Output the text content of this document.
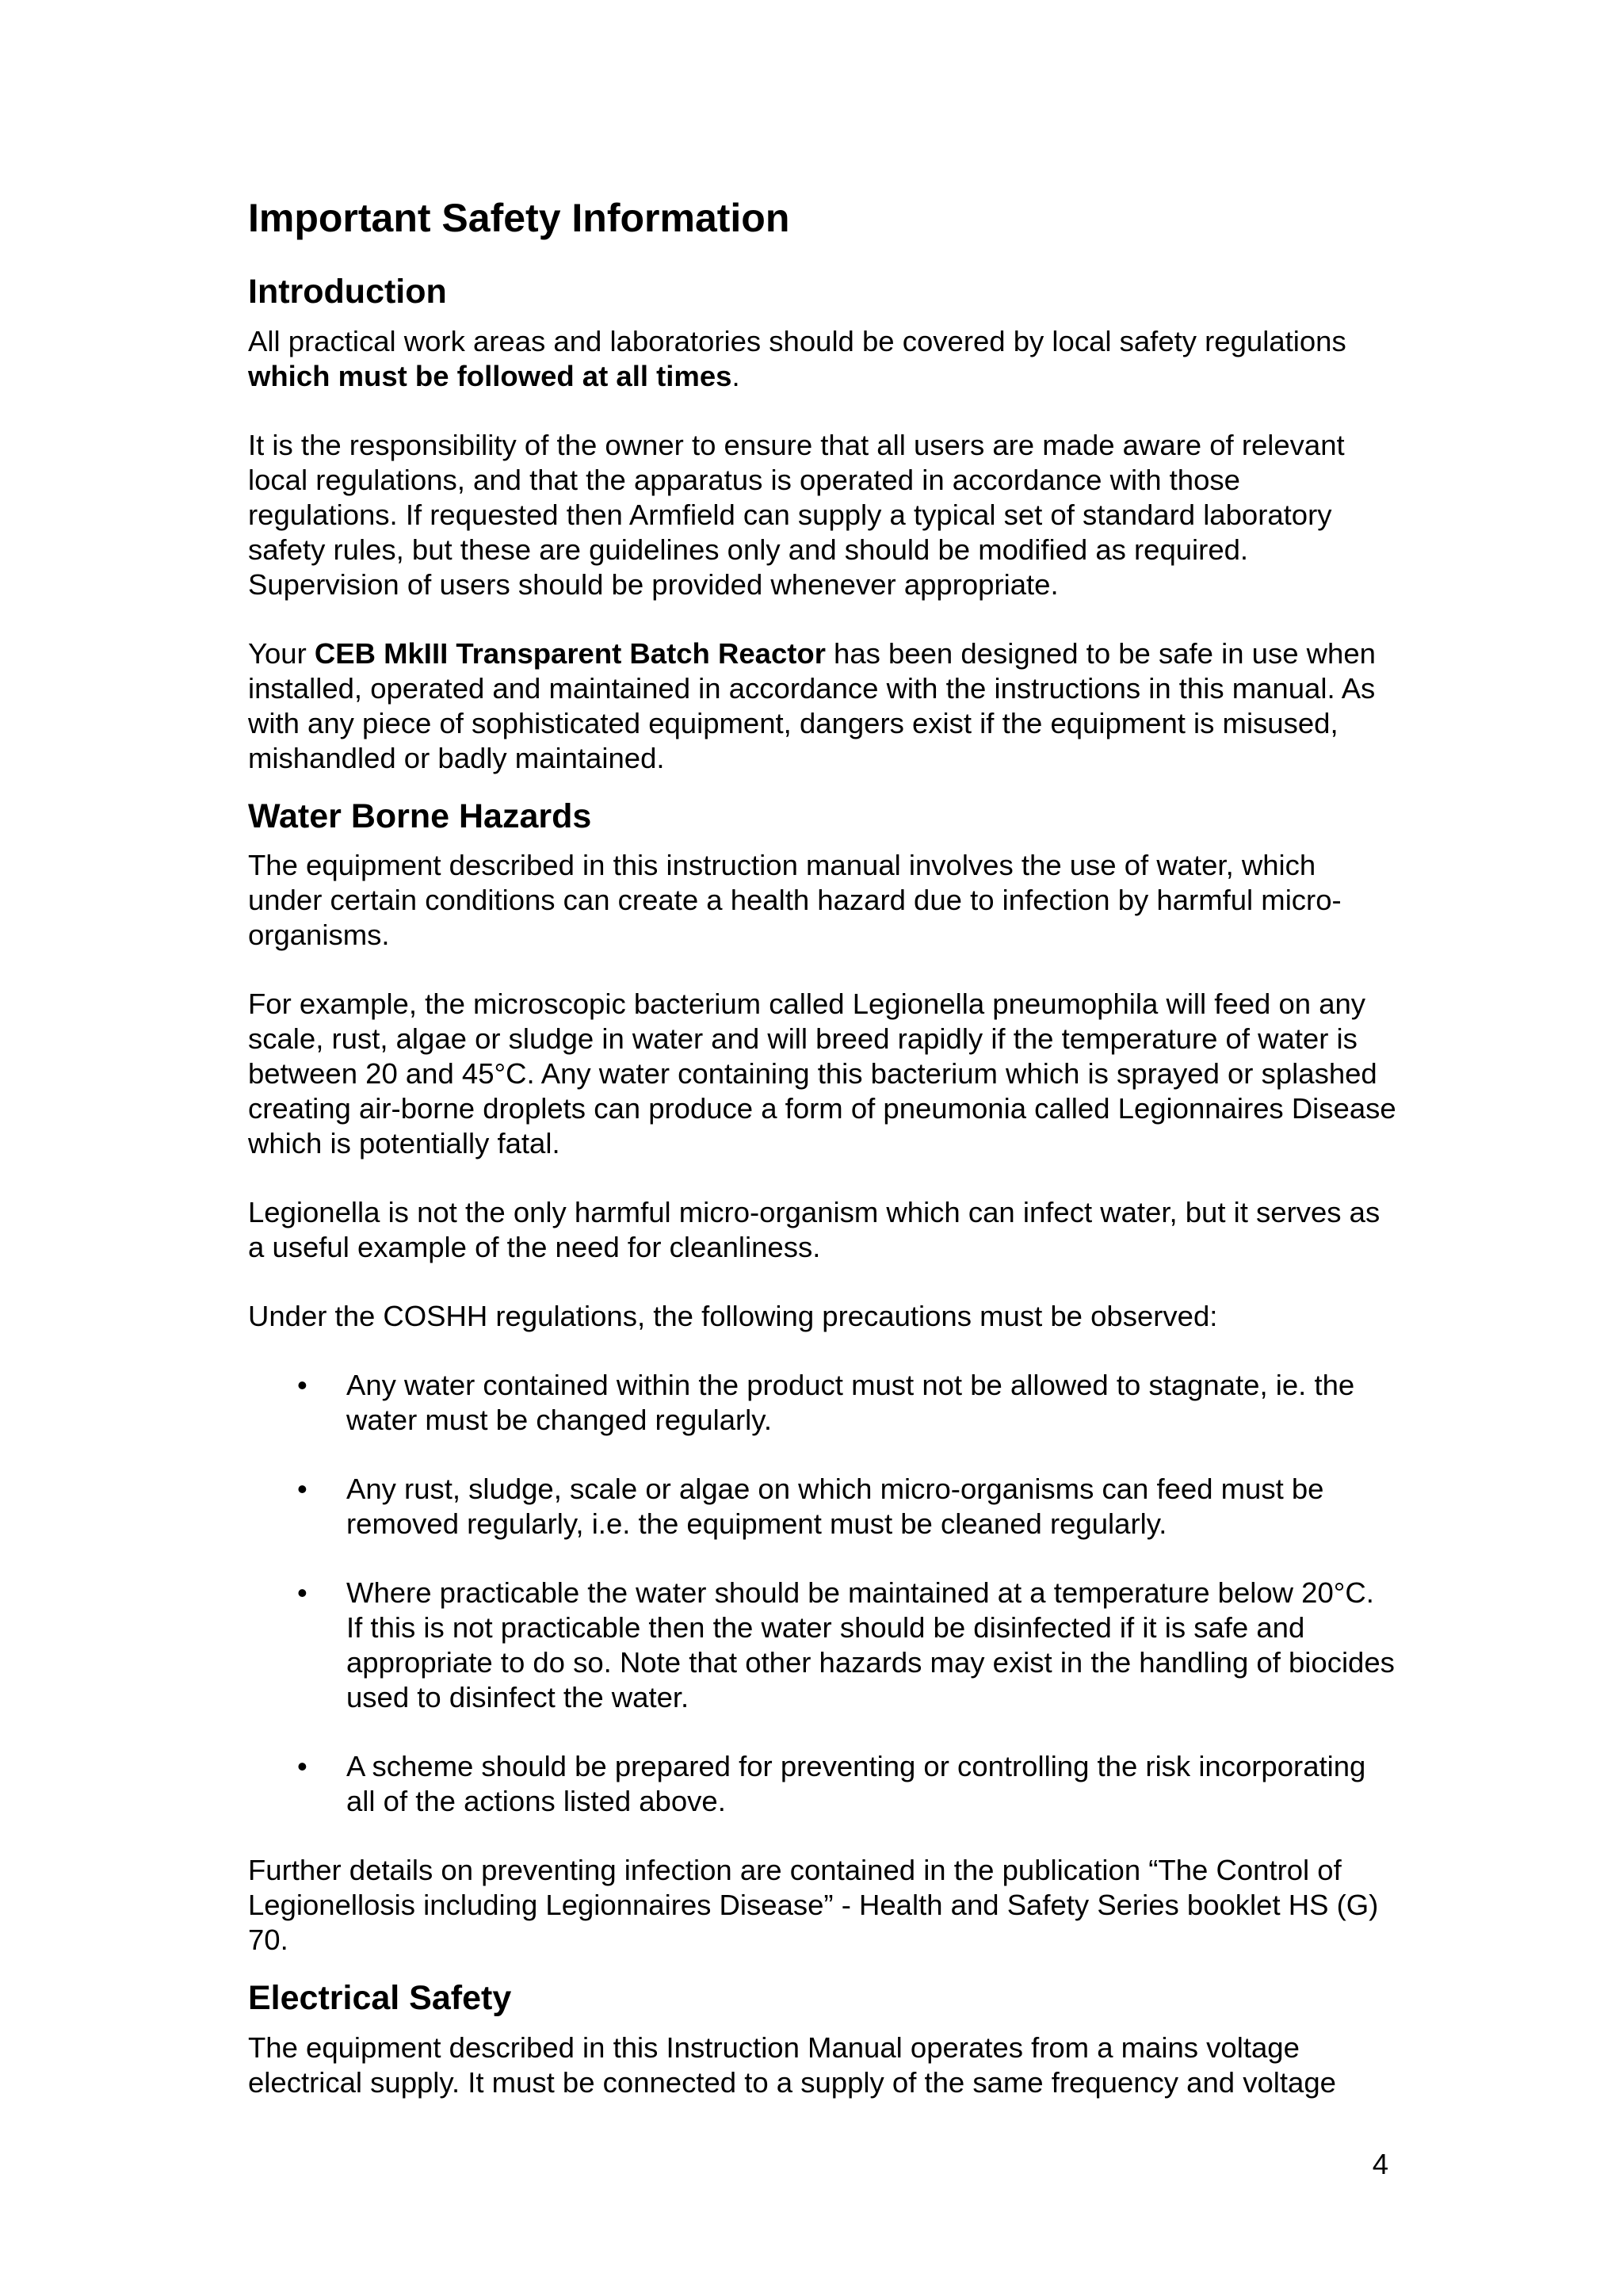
Important Safety Information
Introduction

All practical work areas and laboratories should be covered by local safety regulations which must be followed at all times.

It is the responsibility of the owner to ensure that all users are made aware of relevant local regulations, and that the apparatus is operated in accordance with those regulations. If requested then Armfield can supply a typical set of standard laboratory safety rules, but these are guidelines only and should be modified as required. Supervision of users should be provided whenever appropriate.

Your CEB MkIII Transparent Batch Reactor has been designed to be safe in use when installed, operated and maintained in accordance with the instructions in this manual. As with any piece of sophisticated equipment, dangers exist if the equipment is misused, mishandled or badly maintained.

Water Borne Hazards

The equipment described in this instruction manual involves the use of water, which under certain conditions can create a health hazard due to infection by harmful micro-organisms.

For example, the microscopic bacterium called Legionella pneumophila will feed on any scale, rust, algae or sludge in water and will breed rapidly if the temperature of water is between 20 and 45°C. Any water containing this bacterium which is sprayed or splashed creating air-borne droplets can produce a form of pneumonia called Legionnaires Disease which is potentially fatal.

Legionella is not the only harmful micro-organism which can infect water, but it serves as a useful example of the need for cleanliness.

Under the COSHH regulations, the following precautions must be observed:

• Any water contained within the product must not be allowed to stagnate, ie. the water must be changed regularly.
• Any rust, sludge, scale or algae on which micro-organisms can feed must be removed regularly, i.e. the equipment must be cleaned regularly.
• Where practicable the water should be maintained at a temperature below 20°C. If this is not practicable then the water should be disinfected if it is safe and appropriate to do so. Note that other hazards may exist in the handling of biocides used to disinfect the water.
• A scheme should be prepared for preventing or controlling the risk incorporating all of the actions listed above.

Further details on preventing infection are contained in the publication “The Control of Legionellosis including Legionnaires Disease” - Health and Safety Series booklet HS (G) 70.

Electrical Safety

The equipment described in this Instruction Manual operates from a mains voltage electrical supply. It must be connected to a supply of the same frequency and voltage

4
